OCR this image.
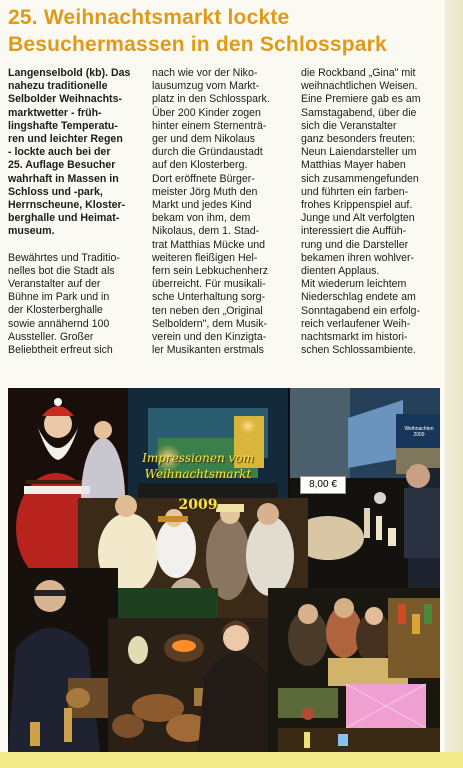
25. Weihnachtsmarkt lockte
Besuchermassen in den Schlosspark

Langenselbold (kb). Das
nahezu traditionelle
Selbolder Weihnachts-
marktwetter - früh-
lingshafte Temperatu-
ren und leichter Regen
- lockte auch bei der
25. Auflage Besucher
wahrhaft in Massen in
Schloss und -park,
Herrnscheune, Kloster-
berghalle und Heimat-
museum.

Bewährtes und Traditio-
nelles bot die Stadt als
Veranstalter auf der
Bühne im Park und in
der Klosterberghalle
sowie annähernd 100
Aussteller. Großer
Beliebtheit erfreut sich

nach wie vor der Niko-
lausumzug vom Markt-
platz in den Schlosspark.
Über 200 Kinder zogen
hinter einem Sternenträ-
ger und dem Nikolaus
durch die Gründaustadt
auf den Klosterberg.
Dort eröffnete Bürger-
meister Jörg Muth den
Markt und jedes Kind
bekam von ihm, dem
Nikolaus, dem 1. Stad-
trat Matthias Mücke und
weiteren fleißigen Hel-
fern sein Lebkuchenherz
überreicht. Für musikali-
sche Unterhaltung sorg-
ten neben den „Original
Selboldern", dem Musik-
verein und den Kinzigta-
ler Musikanten erstmals

die Rockband „Gina" mit
weihnachtlichen Weisen.
Eine Premiere gab es am
Samstagabend, über die
sich die Veranstalter
ganz besonders freuten:
Neun Laiendarsteller um
Matthias Mayer haben
sich zusammengefunden
und führten ein farben-
frohes Krippenspiel auf.
Junge und Alt verfolgten
interessiert die Auffüh-
rung und die Darsteller
bekamen ihren wohlver-
dienten Applaus.

Mit wiederum leichtem
Niederschlag endete am
Sonntagabend ein erfolg-
reich verlaufener Weih-
nachtsmarkt im histori-
schen Schlossambiente.

Impressionen vom
Weihnachtsmarkt
2009
8,00 €
Weihnachten 2009
